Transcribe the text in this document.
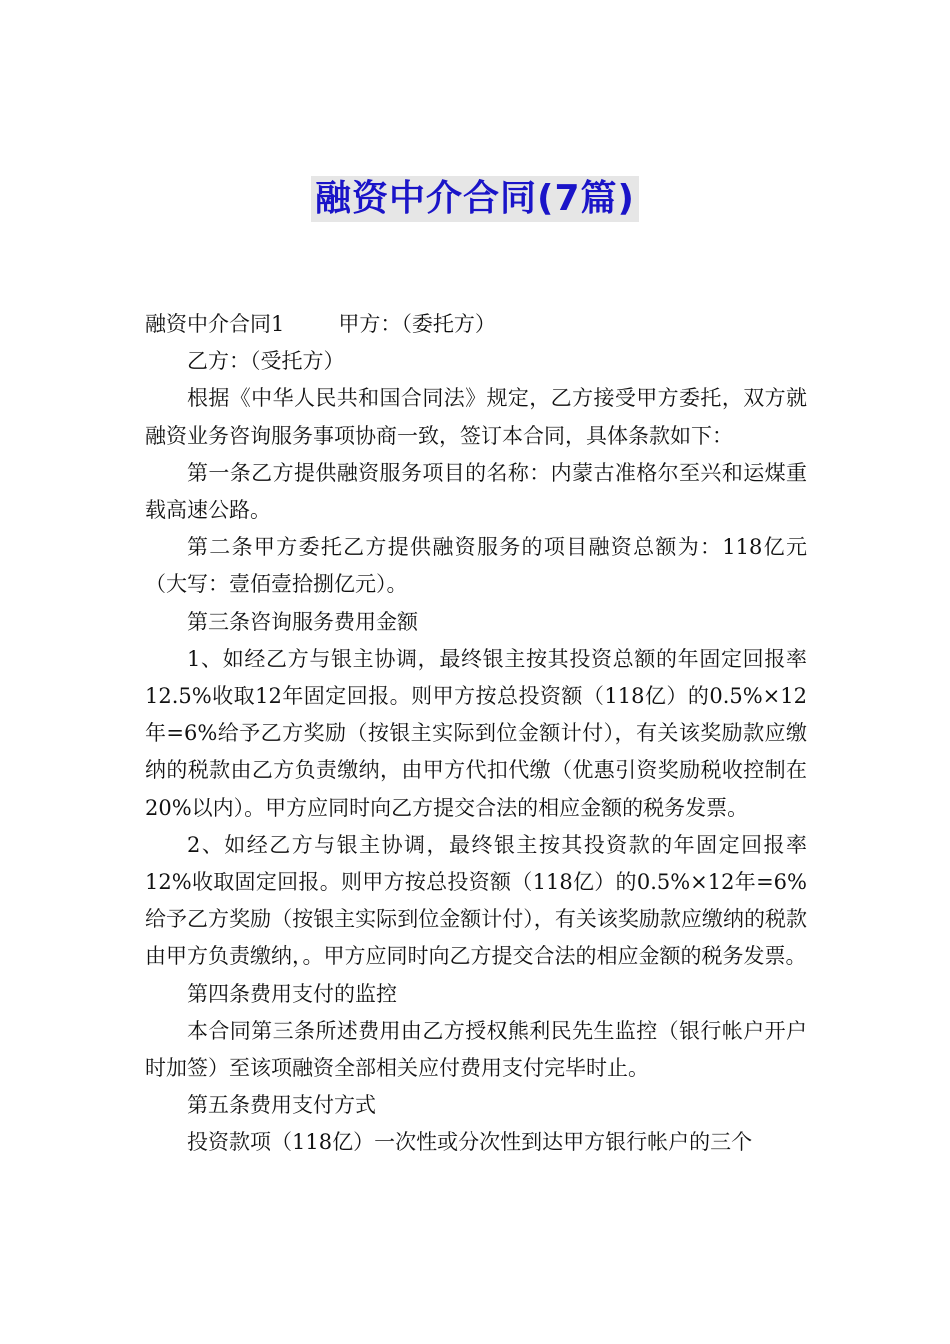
融资中介合同(7篇)

融资中介合同1	甲方：（委托方）

乙方：（受托方）

根据《中华人民共和国合同法》规定，乙方接受甲方委托，双方就融资业务咨询服务事项协商一致，签订本合同，具体条款如下：

第一条乙方提供融资服务项目的名称：内蒙古准格尔至兴和运煤重载高速公路。

第二条甲方委托乙方提供融资服务的项目融资总额为：118亿元（大写：壹佰壹拾捌亿元）。

第三条咨询服务费用金额

1、如经乙方与银主协调，最终银主按其投资总额的年固定回报率12.5%收取12年固定回报。则甲方按总投资额（118亿）的0.5%×12年=6%给予乙方奖励（按银主实际到位金额计付），有关该奖励款应缴纳的税款由乙方负责缴纳，由甲方代扣代缴（优惠引资奖励税收控制在20%以内）。甲方应同时向乙方提交合法的相应金额的税务发票。

2、如经乙方与银主协调，最终银主按其投资款的年固定回报率12%收取固定回报。则甲方按总投资额（118亿）的0.5%×12年=6%给予乙方奖励（按银主实际到位金额计付），有关该奖励款应缴纳的税款由甲方负责缴纳，。甲方应同时向乙方提交合法的相应金额的税务发票。

第四条费用支付的监控

本合同第三条所述费用由乙方授权熊利民先生监控（银行帐户开户时加签）至该项融资全部相关应付费用支付完毕时止。

第五条费用支付方式

投资款项（118亿）一次性或分次性到达甲方银行帐户的三个
